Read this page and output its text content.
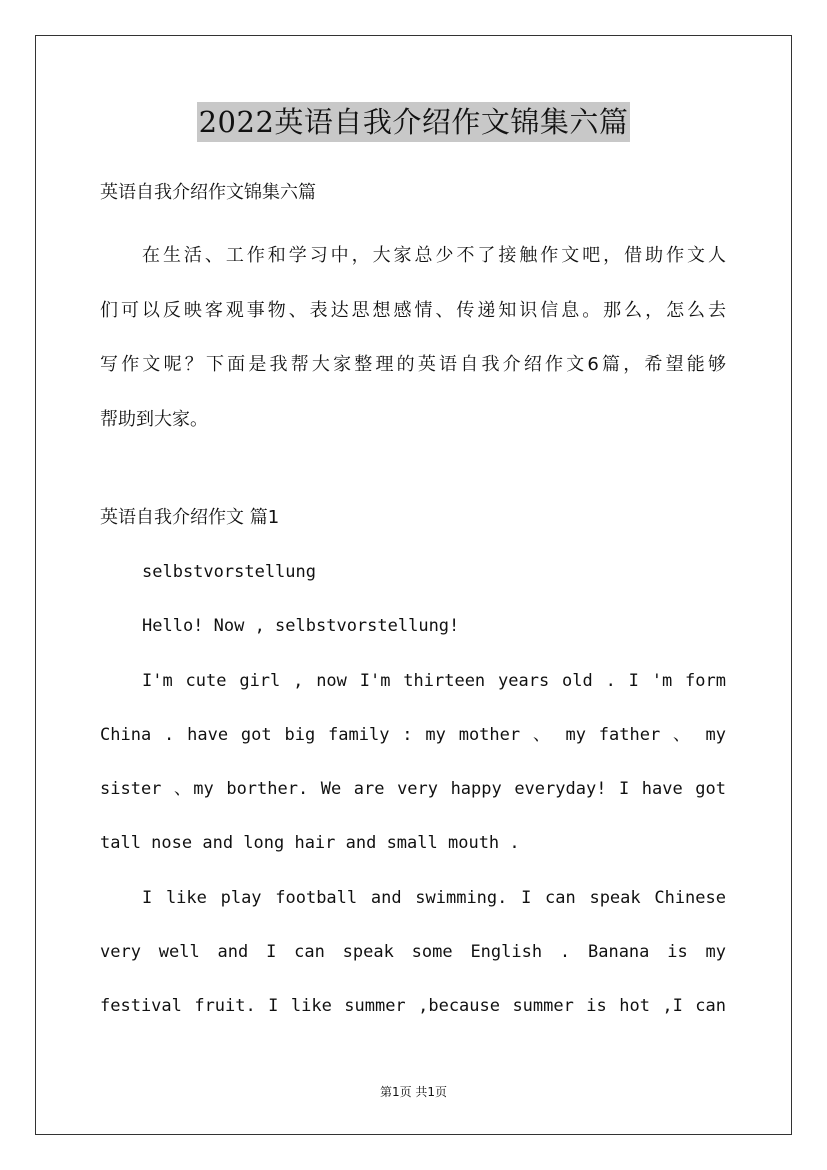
2022英语自我介绍作文锦集六篇
英语自我介绍作文锦集六篇
在生活、工作和学习中，大家总少不了接触作文吧，借助作文人
们可以反映客观事物、表达思想感情、传递知识信息。那么，怎么去
写作文呢？下面是我帮大家整理的英语自我介绍作文6篇，希望能够
帮助到大家。
英语自我介绍作文 篇1
selbstvorstellung
Hello! Now , selbstvorstellung!
I'm cute girl , now I'm thirteen years old . I 'm form
China . have got big family : my mother 、 my father 、 my
sister 、my borther. We are very happy everyday! I have got
tall nose and long hair and small mouth .
I like play football and swimming. I can speak Chinese
very well and I can speak some English . Banana is my
festival fruit. I like summer ,because summer is hot ,I can
第1页 共1页
